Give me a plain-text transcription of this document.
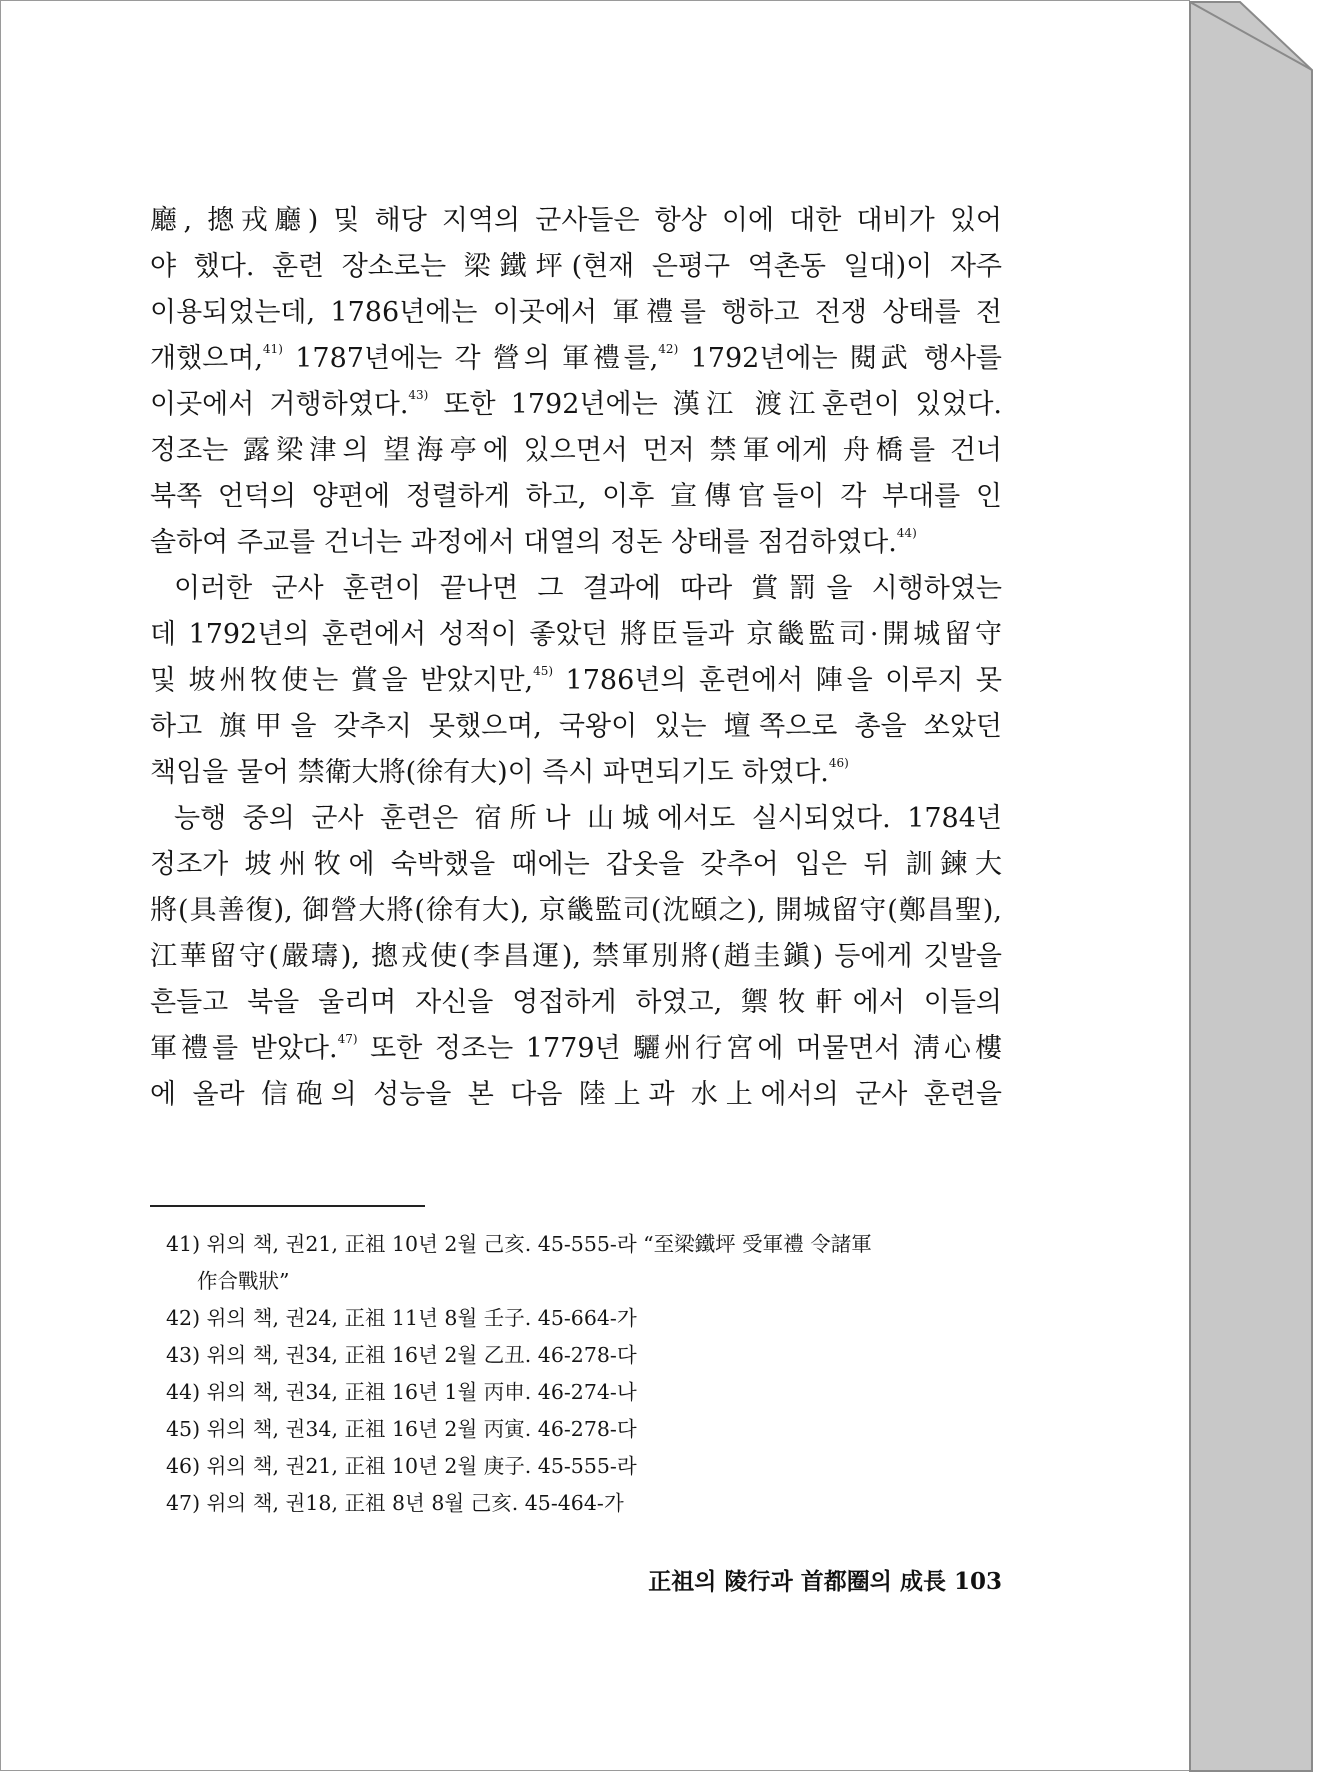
廳, 摠戎廳) 및 해당 지역의 군사들은 항상 이에 대한 대비가 있어
야 했다. 훈련 장소로는 梁鐵坪(현재 은평구 역촌동 일대)이 자주
이용되었는데, 1786년에는 이곳에서 軍禮를 행하고 전쟁 상태를 전
개했으며,$^{41)}$ 1787년에는 각 營의 軍禮를,$^{42)}$ 1792년에는 閱武 행사를
이곳에서 거행하였다.$^{43)}$ 또한 1792년에는 漢江 渡江훈련이 있었다.
정조는 露梁津의 望海亭에 있으면서 먼저 禁軍에게 舟橋를 건너
북쪽 언덕의 양편에 정렬하게 하고, 이후 宣傳官들이 각 부대를 인
솔하여 주교를 건너는 과정에서 대열의 정돈 상태를 점검하였다.$^{44)}$
이러한 군사 훈련이 끝나면 그 결과에 따라 賞罰을 시행하였는
데 1792년의 훈련에서 성적이 좋았던 將臣들과 京畿監司·開城留守
및 坡州牧使는 賞을 받았지만,$^{45)}$ 1786년의 훈련에서 陣을 이루지 못
하고 旗甲을 갖추지 못했으며, 국왕이 있는 壇쪽으로 총을 쏘았던
책임을 물어 禁衛大將(徐有大)이 즉시 파면되기도 하였다.$^{46)}$
능행 중의 군사 훈련은 宿所나 山城에서도 실시되었다. 1784년
정조가 坡州牧에 숙박했을 때에는 갑옷을 갖추어 입은 뒤 訓鍊大
將(具善復), 御營大將(徐有大), 京畿監司(沈頤之), 開城留守(鄭昌聖),
江華留守(嚴璹), 摠戎使(李昌運), 禁軍別將(趙圭鎭) 등에게 깃발을
흔들고 북을 울리며 자신을 영접하게 하였고, 禦牧軒에서 이들의
軍禮를 받았다.$^{47)}$ 또한 정조는 1779년 驪州行宮에 머물면서 淸心樓
에 올라 信砲의 성능을 본 다음 陸上과 水上에서의 군사 훈련을
41) 위의 책, 권21, 正祖 10년 2월 己亥. 45-555-라 “至梁鐵坪 受軍禮 令諸軍
作合戰狀”
42) 위의 책, 권24, 正祖 11년 8월 壬子. 45-664-가
43) 위의 책, 권34, 正祖 16년 2월 乙丑. 46-278-다
44) 위의 책, 권34, 正祖 16년 1월 丙申. 46-274-나
45) 위의 책, 권34, 正祖 16년 2월 丙寅. 46-278-다
46) 위의 책, 권21, 正祖 10년 2월 庚子. 45-555-라
47) 위의 책, 권18, 正祖 8년 8월 己亥. 45-464-가
正祖의 陵行과 首都圈의 成長 103
